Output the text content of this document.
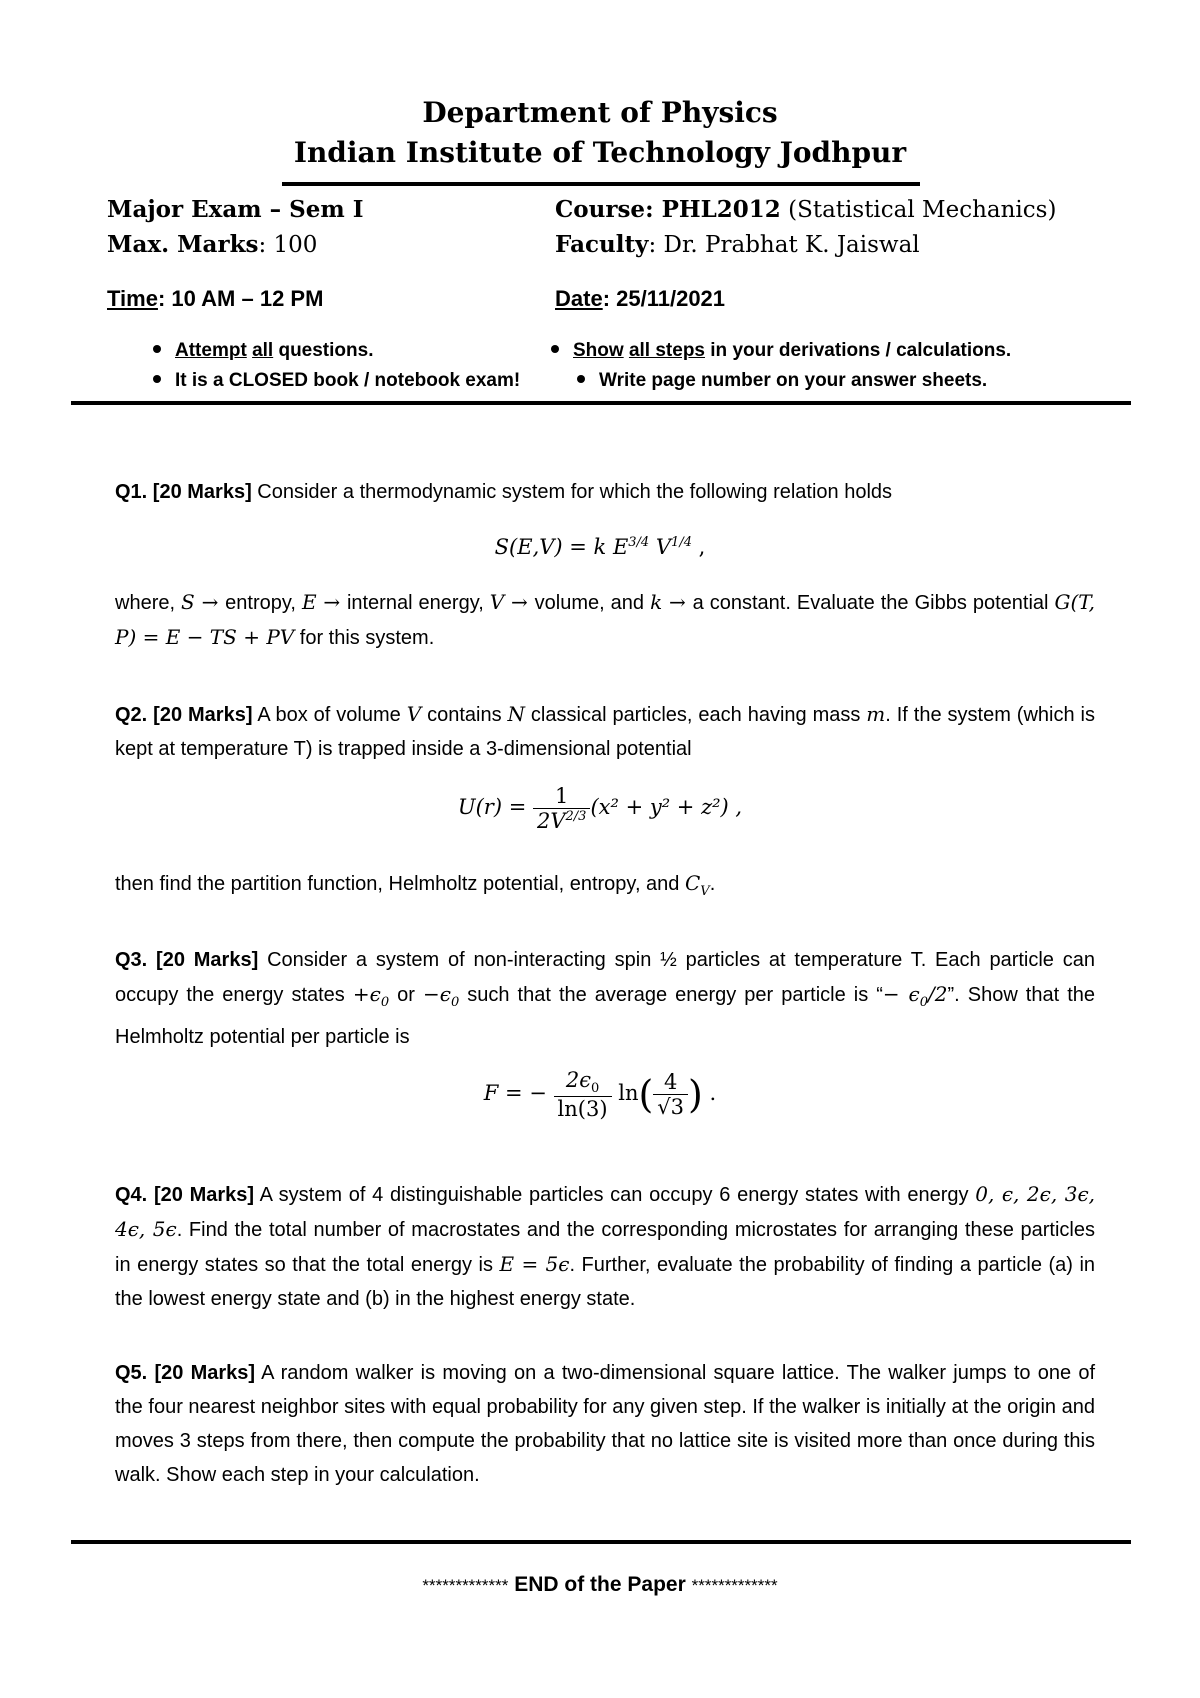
Department of Physics
Indian Institute of Technology Jodhpur
Major Exam – Sem I
Max. Marks: 100
Course: PHL2012 (Statistical Mechanics)
Faculty: Dr. Prabhat K. Jaiswal
Time: 10 AM – 12 PM	Date: 25/11/2021
Attempt all questions.	Show all steps in your derivations / calculations.
It is a CLOSED book / notebook exam!	Write page number on your answer sheets.
Q1. [20 Marks] Consider a thermodynamic system for which the following relation holds
S(E,V) = k $E^{3/4}$ $V^{1/4}$ ,
where, S → entropy, E → internal energy, V → volume, and k → a constant. Evaluate the Gibbs potential G(T, P) = E − TS + PV for this system.
Q2. [20 Marks] A box of volume V contains N classical particles, each having mass m. If the system (which is kept at temperature T) is trapped inside a 3-dimensional potential
$U(r) = \frac{1}{2V^{2/3}} (x^2 + y^2 + z^2)$ ,
then find the partition function, Helmholtz potential, entropy, and $C_V$.
Q3. [20 Marks] Consider a system of non-interacting spin ½ particles at temperature T. Each particle can occupy the energy states $+\epsilon_0$ or $-\epsilon_0$ such that the average energy per particle is “− $\epsilon_0/2$”. Show that the Helmholtz potential per particle is
F = − $\frac{2\epsilon_0}{\ln(3)} \ln( \frac{4}{√3}$ ) .
Q4. [20 Marks] A system of 4 distinguishable particles can occupy 6 energy states with energy 0, ϵ, 2ϵ, 3ϵ, 4ϵ, 5ϵ. Find the total number of macrostates and the corresponding microstates for arranging these particles in energy states so that the total energy is E = 5ϵ. Further, evaluate the probability of finding a particle (a) in the lowest energy state and (b) in the highest energy state.
Q5. [20 Marks] A random walker is moving on a two-dimensional square lattice. The walker jumps to one of the four nearest neighbor sites with equal probability for any given step. If the walker is initially at the origin and moves 3 steps from there, then compute the probability that no lattice site is visited more than once during this walk. Show each step in your calculation.
************* END of the Paper *************
